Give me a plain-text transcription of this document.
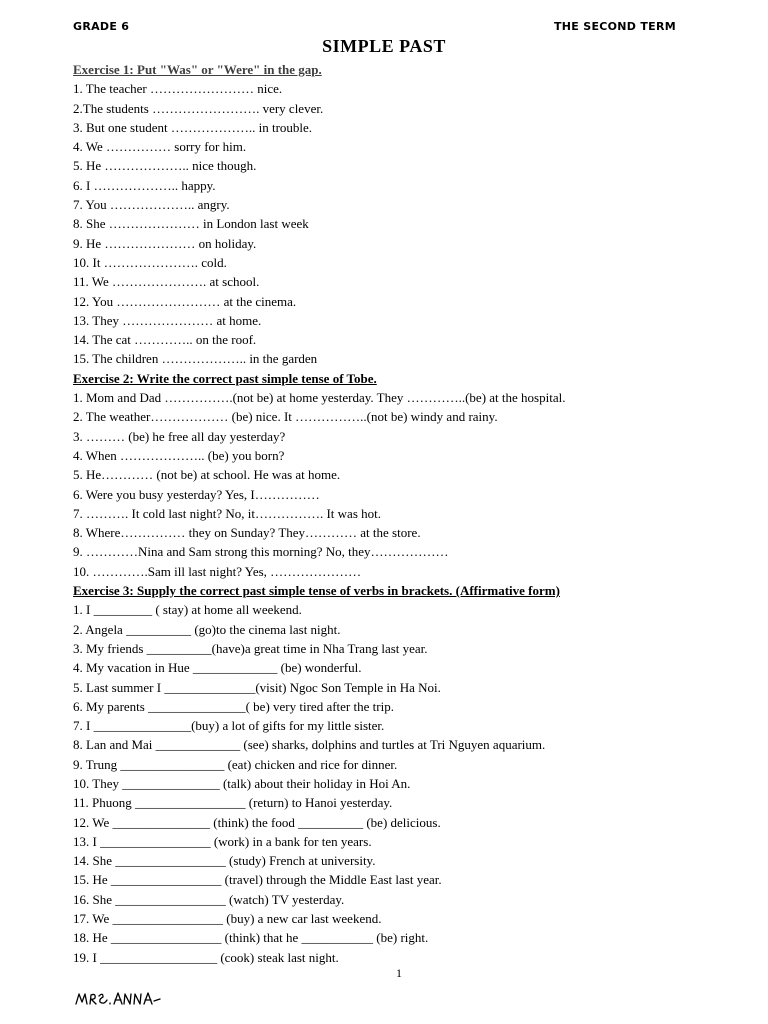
GRADE 6	THE SECOND TERM
SIMPLE PAST
Exercise 1: Put "Was" or "Were" in the gap.
1. The teacher …………………… nice.
2.The students ……………………. very clever.
3. But one student ……………….. in trouble.
4. We …………… sorry for him.
5. He ……………….. nice though.
6. I ……………….. happy.
7. You ……………….. angry.
8. She ………………… in London last week
9. He ………………… on holiday.
10. It …………………. cold.
11. We …………………. at school.
12. You …………………… at the cinema.
13. They ………………… at home.
14. The cat ………….. on the roof.
15. The children ……………….. in the garden
Exercise 2: Write the correct past simple tense of Tobe.
1. Mom and Dad …………….(not be) at home yesterday. They …………..(be) at the hospital.
2. The weather……………… (be) nice. It ……………..(not be) windy and rainy.
3. ……… (be) he free all day yesterday?
4. When ……………….. (be) you born?
5. He………… (not be) at school. He was at home.
6. Were you busy yesterday? Yes, I……………
7. ………. It cold last night? No, it……………. It was hot.
8. Where…………… they on Sunday? They………… at the store.
9. …………Nina and Sam strong this morning? No, they………………
10. ………….Sam ill last night? Yes, …………………
Exercise 3: Supply the correct past simple tense of verbs in brackets. (Affirmative form)
1. I _________ ( stay) at home all weekend.
2. Angela __________ (go)to the cinema last night.
3. My friends __________(have)a great time in Nha Trang last year.
4. My vacation in Hue _____________ (be) wonderful.
5. Last summer I ______________(visit) Ngoc Son Temple in Ha Noi.
6. My parents _______________( be) very tired after the trip.
7. I _______________(buy) a lot of gifts for my little sister.
8. Lan and Mai _____________ (see) sharks, dolphins and turtles at Tri Nguyen aquarium.
9. Trung ________________ (eat) chicken and rice for dinner.
10. They _______________ (talk) about their holiday in Hoi An.
11. Phuong _________________ (return) to Hanoi yesterday.
12. We _______________ (think) the food __________ (be) delicious.
13. I _________________ (work) in a bank for ten years.
14. She _________________ (study) French at university.
15. He _________________ (travel) through the Middle East last year.
16. She _________________ (watch) TV yesterday.
17. We _________________ (buy) a new car last weekend.
18. He _________________ (think) that he ___________ (be) right.
19. I __________________ (cook) steak last night.
1
